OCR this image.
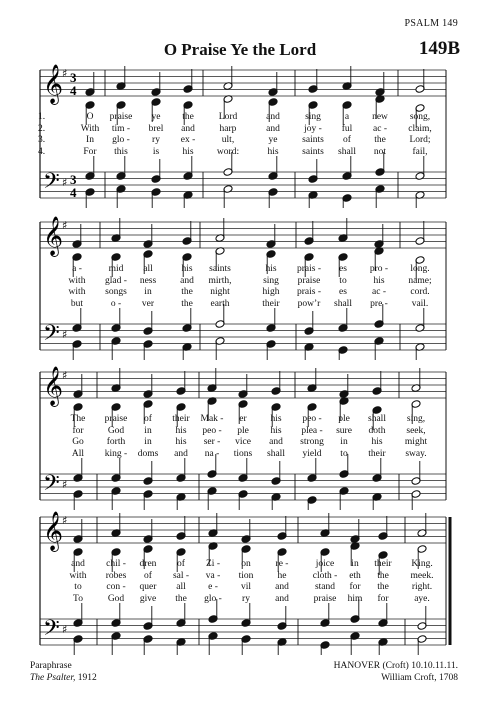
PSALM 149
O Praise Ye the Lord	149B
𝄞
𝄢
♯
♯
3
4
3
4
1.	O praise ye the	Lord	and	sing	a new song,
2.	With tim - brel and	harp	and	joy - ful ac - claim,
3.	In glo - ry ex -	ult,	ye	saints of the Lord;
4.	For this	is his word:	his saints shall not	fail,
𝄞
𝄢
♯
♯
a -	mid all	his saints	his prais - es pro - long.
with glad - ness	and mirth,	sing praise to	his	name;
with songs in	the night	high prais - es	ac -	cord.
but	o - ver	the earth	their pow’r shall pre -	vail.
𝄞
𝄢
♯
♯
The praise of their Mak - er	his peo - ple shall sing,
for	God in	his peo - ple his plea - sure doth seek,
Go forth in	his ser - vice and strong in	his might
All king - doms and na - tions shall yield to their sway.
𝄞
𝄢
♯
♯
and chil - dren of Zi - on	re -	joice in their King.
with robes of sal - va - tion	he	cloth - eth the meek.
to	con - quer all e - vil	and	stand for the right.
To	God give the glo - ry	and	praise him for	aye.
Paraphrase
The Psalter, 1912
HANOVER (Croft) 10.10.11.11.
William Croft, 1708
